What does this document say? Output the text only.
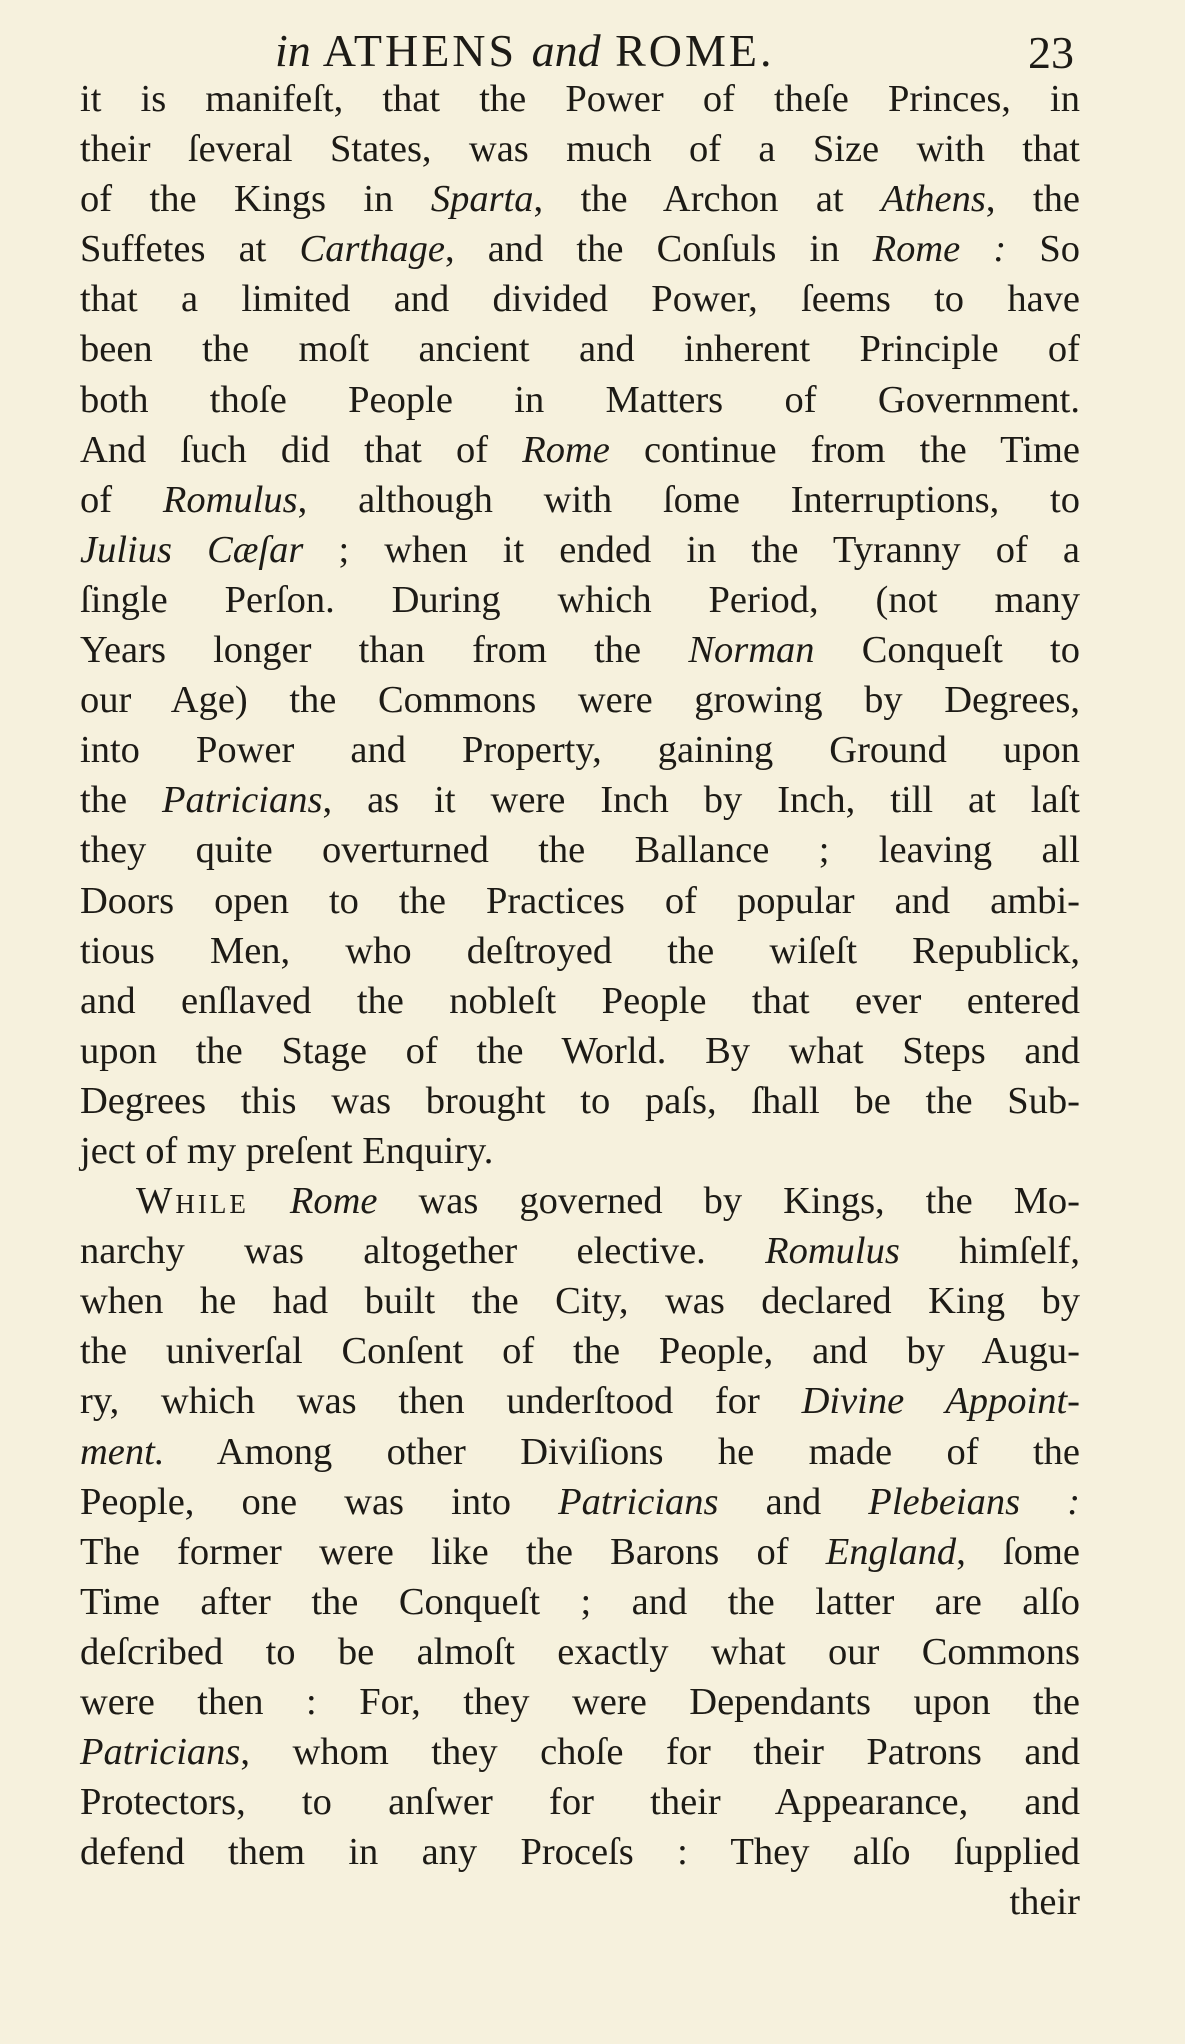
in ATHENS and ROME.	23
it is manifeſt, that the Power of theſe Princes, in
their ſeveral States, was much of a Size with that
of the Kings in Sparta, the Archon at Athens, the
Suffetes at Carthage, and the Conſuls in Rome : So
that a limited and divided Power, ſeems to have
been the moſt ancient and inherent Principle of
both thoſe People in Matters of Government.
And ſuch did that of Rome continue from the Time
of Romulus, although with ſome Interruptions, to
Julius Cæſar ; when it ended in the Tyranny of a
ſingle Perſon. During which Period, (not many
Years longer than from the Norman Conqueſt to
our Age) the Commons were growing by Degrees,
into Power and Property, gaining Ground upon
the Patricians, as it were Inch by Inch, till at laſt
they quite overturned the Ballance ; leaving all
Doors open to the Practices of popular and ambi-
tious Men, who deſtroyed the wiſeſt Republick,
and enſlaved the nobleſt People that ever entered
upon the Stage of the World. By what Steps and
Degrees this was brought to paſs, ſhall be the Sub-
ject of my preſent Enquiry.
While Rome was governed by Kings, the Mo-
narchy was altogether elective. Romulus himſelf,
when he had built the City, was declared King by
the univerſal Conſent of the People, and by Augu-
ry, which was then underſtood for Divine Appoint-
ment. Among other Diviſions he made of the
People, one was into Patricians and Plebeians :
The former were like the Barons of England, ſome
Time after the Conqueſt ; and the latter are alſo
deſcribed to be almoſt exactly what our Commons
were then : For, they were Dependants upon the
Patricians, whom they choſe for their Patrons and
Protectors, to anſwer for their Appearance, and
defend them in any Proceſs : They alſo ſupplied
their
